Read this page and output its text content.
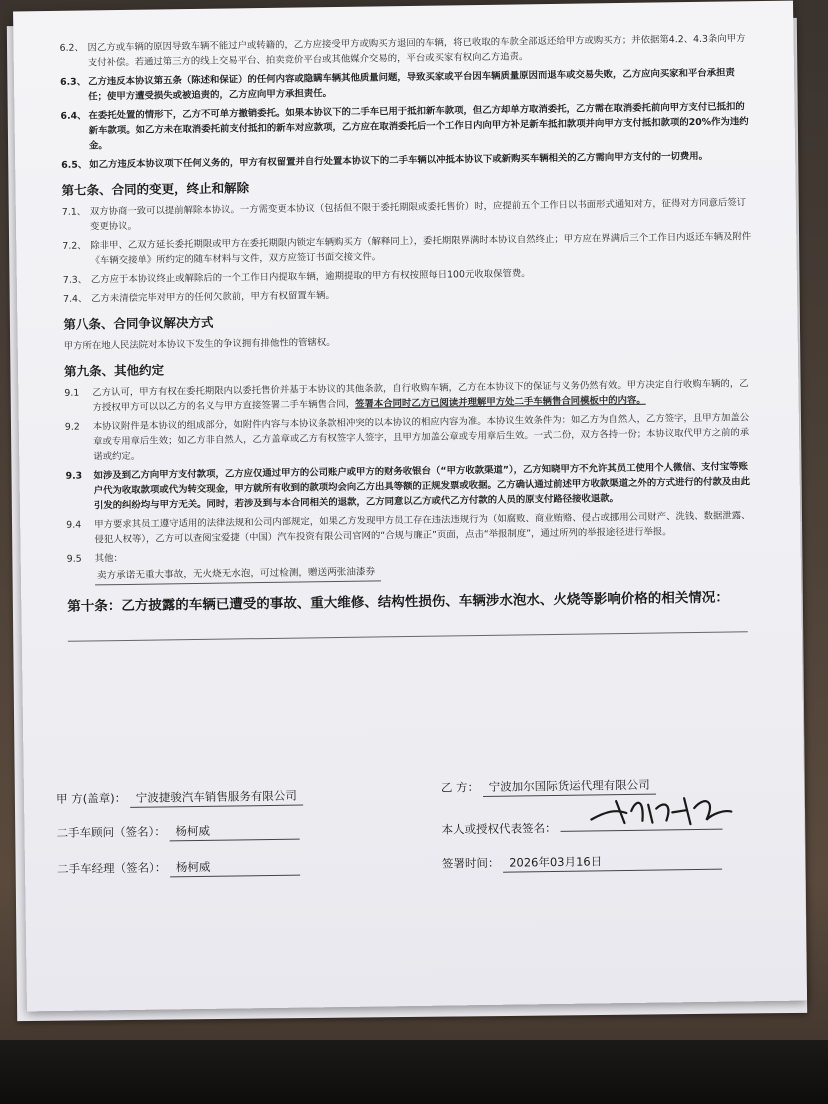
6.2、 因乙方或车辆的原因导致车辆不能过户或转籍的，乙方应接受甲方或购买方退回的车辆，将已收取的车款全部返还给甲方或购买方；并依据第4.2、4.3条向甲方支付补偿。若通过第三方的线上交易平台、拍卖竞价平台或其他媒介交易的，平台或买家有权向乙方追责。
6.3、 乙方违反本协议第五条（陈述和保证）的任何内容或隐瞒车辆其他质量问题，导致买家或平台因车辆质量原因而退车或交易失败，乙方应向买家和平台承担责任；使甲方遭受损失或被追责的，乙方应向甲方承担责任。
6.4、 在委托处置的情形下，乙方不可单方撤销委托。如果本协议下的二手车已用于抵扣新车款项，但乙方却单方取消委托，乙方需在取消委托前向甲方支付已抵扣的新车款项。如乙方未在取消委托前支付抵扣的新车对应款项，乙方应在取消委托后一个工作日内向甲方补足新车抵扣款项并向甲方支付抵扣款项的20%作为违约金。
6.5、 如乙方违反本协议项下任何义务的，甲方有权留置并自行处置本协议下的二手车辆以冲抵本协议下或新购买车辆相关的乙方需向甲方支付的一切费用。
第七条、合同的变更，终止和解除
7.1、 双方协商一致可以提前解除本协议。一方需变更本协议（包括但不限于委托期限或委托售价）时，应提前五个工作日以书面形式通知对方，征得对方同意后签订变更协议。
7.2、 除非甲、乙双方延长委托期限或甲方在委托期限内锁定车辆购买方（解释同上），委托期限界满时本协议自然终止；甲方应在界满后三个工作日内返还车辆及附件《车辆交接单》所约定的随车材料与文件，双方应签订书面交接文件。
7.3、 乙方应于本协议终止或解除后的一个工作日内提取车辆，逾期提取的甲方有权按照每日100元收取保管费。
7.4、 乙方未清偿完毕对甲方的任何欠款前，甲方有权留置车辆。
第八条、合同争议解决方式
甲方所在地人民法院对本协议下发生的争议拥有排他性的管辖权。
第九条、其他约定
9.1	乙方认可，甲方有权在委托期限内以委托售价并基于本协议的其他条款，自行收购车辆，乙方在本协议下的保证与义务仍然有效。甲方决定自行收购车辆的，乙方授权甲方可以以乙方的名义与甲方直接签署二手车辆售合同，签署本合同时乙方已阅读并理解甲方处二手车辆售合同模板中的内容。
9.2	本协议附件是本协议的组成部分，如附件内容与本协议条款相冲突的以本协议的相应内容为准。本协议生效条件为：如乙方为自然人，乙方签字，且甲方加盖公章或专用章后生效；如乙方非自然人，乙方盖章或乙方有权签字人签字，且甲方加盖公章或专用章后生效。一式二份，双方各持一份；本协议取代甲方之前的承诺或约定。
9.3	如涉及到乙方向甲方支付款项，乙方应仅通过甲方的公司账户或甲方的财务收银台（“甲方收款渠道”），乙方知晓甲方不允许其员工使用个人微信、支付宝等账户代为收取款项或代为转交现金，甲方就所有收到的款项均会向乙方出具等额的正规发票或收据。乙方确认通过前述甲方收款渠道之外的方式进行的付款及由此引发的纠纷均与甲方无关。同时，若涉及到与本合同相关的退款，乙方同意以乙方或代乙方付款的人员的原支付路径接收退款。
9.4	甲方要求其员工遵守适用的法律法规和公司内部规定，如果乙方发现甲方员工存在违法违规行为（如腐败、商业贿赂、侵占或挪用公司财产、洗钱、数据泄露、侵犯人权等），乙方可以查阅宝爱捷（中国）汽车投资有限公司官网的“合规与廉正”页面，点击“举报制度”，通过所列的举报途径进行举报。
9.5	其他：
卖方承诺无重大事故，无火烧无水泡，可过检测，赠送两张油漆券
第十条：乙方披露的车辆已遭受的事故、重大维修、结构性损伤、车辆涉水泡水、火烧等影响价格的相关情况：
甲 方(盖章)： 宁波捷骏汽车销售服务有限公司
二手车顾问（签名）： 杨柯威
二手车经理（签名）： 杨柯威
乙 方： 宁波加尔国际货运代理有限公司
本人或授权代表签名：
签署时间： 2026年03月16日
